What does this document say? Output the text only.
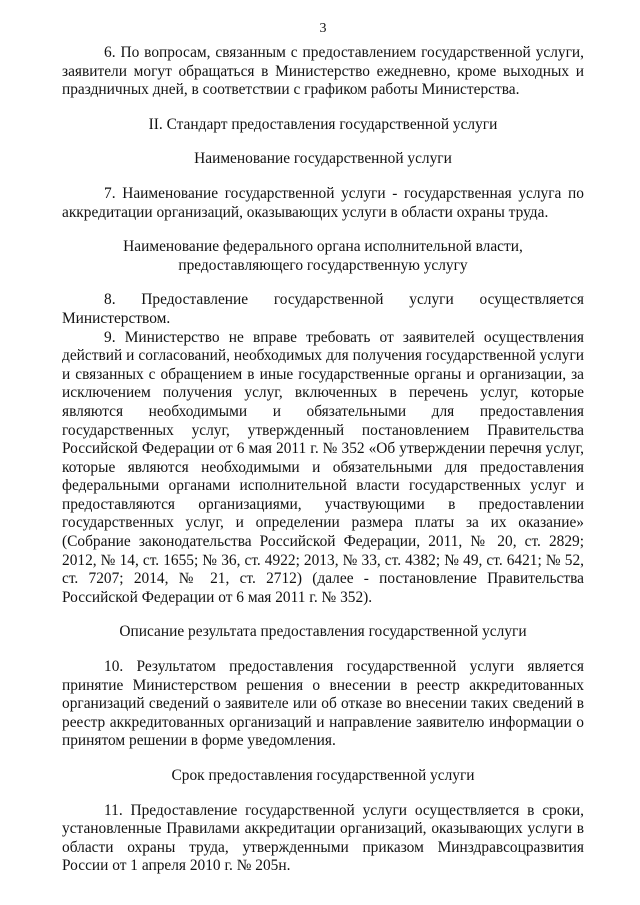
3

6. По вопросам, связанным с предоставлением государственной услуги, заявители могут обращаться в Министерство ежедневно, кроме выходных и праздничных дней, в соответствии с графиком работы Министерства.

II. Стандарт предоставления государственной услуги

Наименование государственной услуги

7. Наименование государственной услуги - государственная услуга по аккредитации организаций, оказывающих услуги в области охраны труда.

Наименование федерального органа исполнительной власти,
предоставляющего государственную услугу

8. Предоставление государственной услуги осуществляется Министерством.

9. Министерство не вправе требовать от заявителей осуществления действий и согласований, необходимых для получения государственной услуги и связанных с обращением в иные государственные органы и организации, за исключением получения услуг, включенных в перечень услуг, которые являются необходимыми и обязательными для предоставления государственных услуг, утвержденный постановлением Правительства Российской Федерации от 6 мая 2011 г. № 352 «Об утверждении перечня услуг, которые являются необходимыми и обязательными для предоставления федеральными органами исполнительной власти государственных услуг и предоставляются организациями, участвующими в предоставлении государственных услуг, и определении размера платы за их оказание» (Собрание законодательства Российской Федерации, 2011, № 20, ст. 2829; 2012, № 14, ст. 1655; № 36, ст. 4922; 2013, № 33, ст. 4382; № 49, ст. 6421; № 52, ст. 7207; 2014, № 21, ст. 2712) (далее - постановление Правительства Российской Федерации от 6 мая 2011 г. № 352).

Описание результата предоставления государственной услуги

10. Результатом предоставления государственной услуги является принятие Министерством решения о внесении в реестр аккредитованных организаций сведений о заявителе или об отказе во внесении таких сведений в реестр аккредитованных организаций и направление заявителю информации о принятом решении в форме уведомления.

Срок предоставления государственной услуги

11. Предоставление государственной услуги осуществляется в сроки, установленные Правилами аккредитации организаций, оказывающих услуги в области охраны труда, утвержденными приказом Минздравсоцразвития России от 1 апреля 2010 г. № 205н.
